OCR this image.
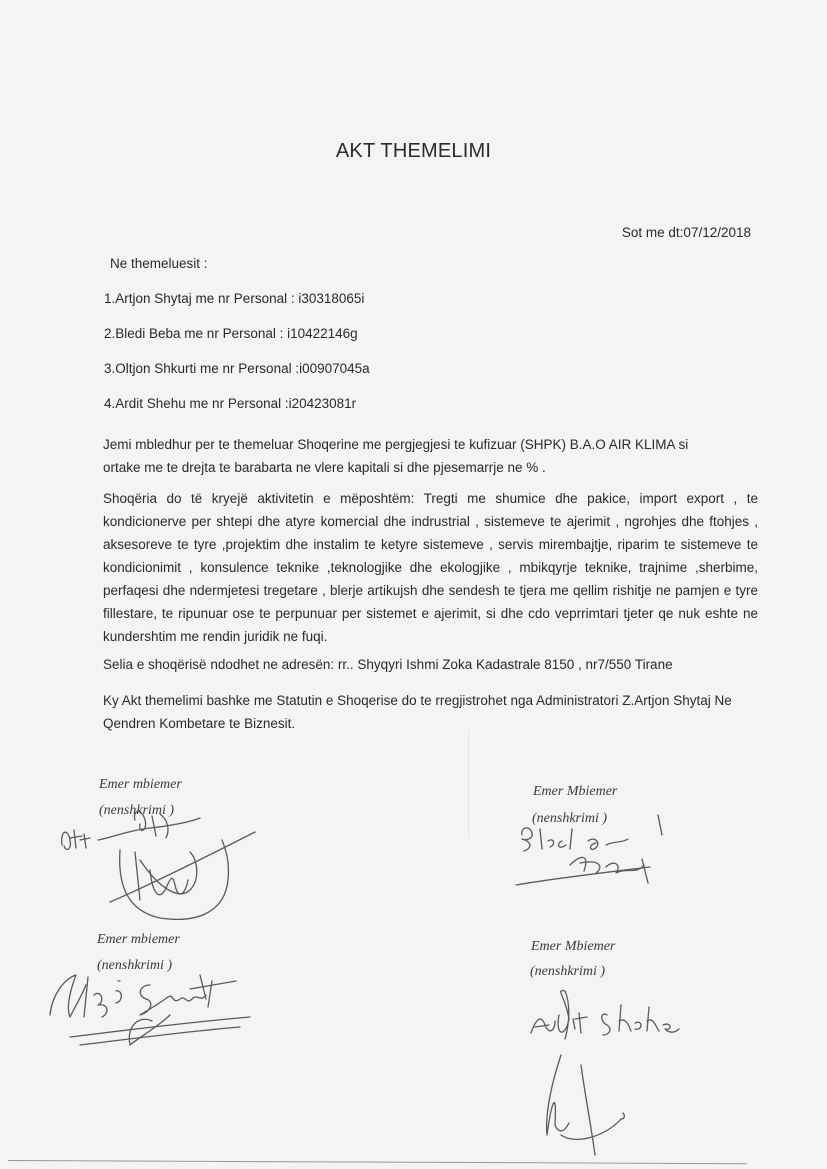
AKT THEMELIMI
Sot me dt:07/12/2018
Ne themeluesit :
1.Artjon Shytaj me nr Personal : i30318065i
2.Bledi Beba me nr Personal : i10422146g
3.Oltjon Shkurti me nr Personal :i00907045a
4.Ardit Shehu me nr Personal :i20423081r
Jemi mbledhur per te themeluar Shoqerine me pergjegjesi te kufizuar (SHPK) B.A.O AIR KLIMA si ortake me te drejta te barabarta ne vlere kapitali si dhe pjesemarrje ne % .
Shoqëria do të kryejë aktivitetin e mëposhtëm: Tregti me shumice dhe pakice, import export , te kondicionerve per shtepi dhe atyre komercial dhe indrustrial , sistemeve te ajerimit , ngrohjes dhe ftohjes , aksesoreve te tyre ,projektim dhe instalim te ketyre sistemeve , servis mirembajtje, riparim te sistemeve te kondicionimit , konsulence teknike ,teknologjike dhe ekologjike , mbikqyrje teknike, trajnime ,sherbime, perfaqesi dhe ndermjetesi tregetare , blerje artikujsh dhe sendesh te tjera me qellim rishitje ne pamjen e tyre fillestare, te ripunuar ose te perpunuar per sistemet e ajerimit, si dhe cdo veprrimtari tjeter qe nuk eshte ne kundershtim me rendin juridik ne fuqi.
Selia e shoqërisë ndodhet ne adresën: rr.. Shyqyri Ishmi Zoka Kadastrale 8150 , nr7/550 Tirane
Ky Akt themelimi bashke me Statutin e Shoqerise do te rregjistrohet nga Administratori Z.Artjon Shytaj Ne Qendren Kombetare te Biznesit.
Emer mbiemer
(nenshkrimi )
Emer Mbiemer
(nenshkrimi )
Emer mbiemer
(nenshkrimi )
Emer Mbiemer
(nenshkrimi )
